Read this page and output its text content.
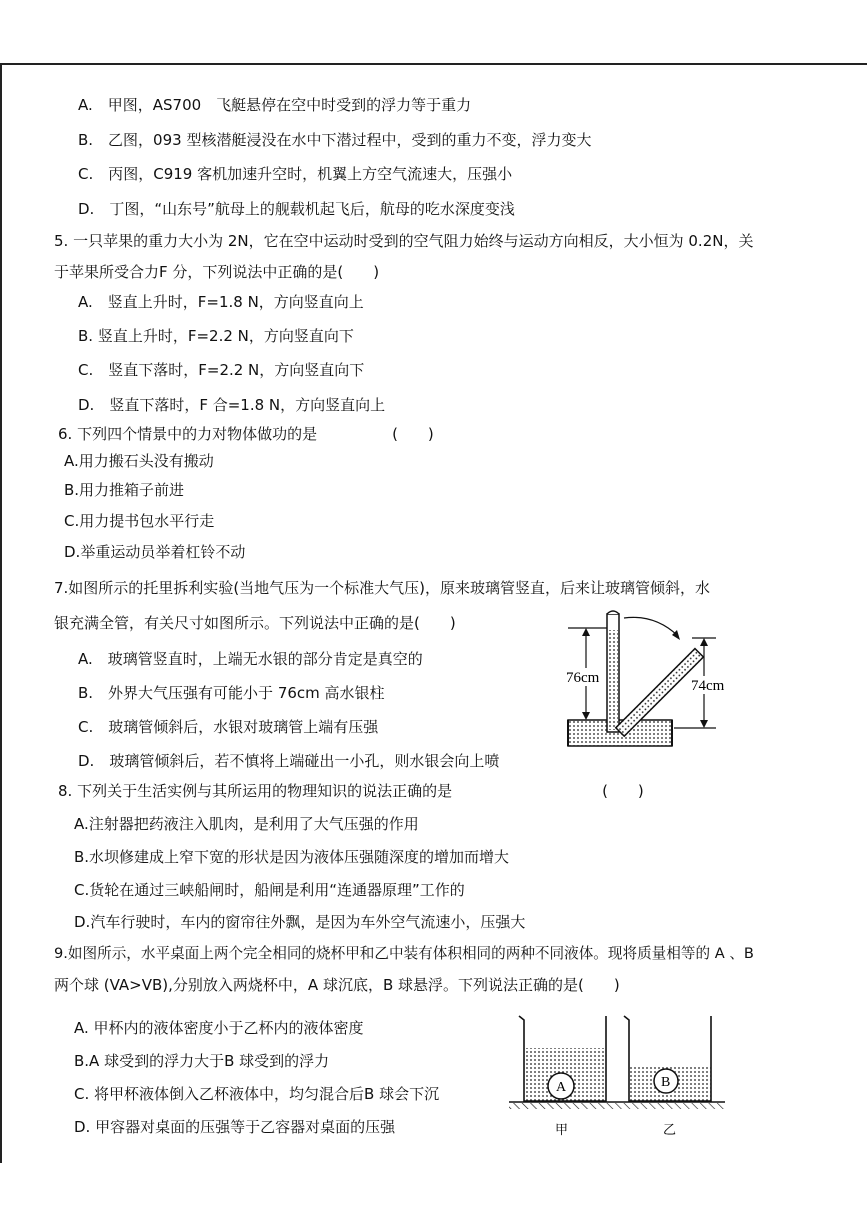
A.　甲图，AS700　飞艇悬停在空中时受到的浮力等于重力
B.　乙图，093 型核潜艇浸没在水中下潜过程中，受到的重力不变，浮力变大
C.　丙图，C919 客机加速升空时，机翼上方空气流速大，压强小
D.　丁图，“山东号”航母上的舰载机起飞后，航母的吃水深度变浅
5. 一只苹果的重力大小为 2N，它在空中运动时受到的空气阻力始终与运动方向相反，大小恒为 0.2N，关
于苹果所受合力F 分，下列说法中正确的是(　　)
A.　竖直上升时，F=1.8 N，方向竖直向上
B. 竖直上升时，F=2.2 N，方向竖直向下
C.　竖直下落时，F=2.2 N，方向竖直向下
D.　竖直下落时，F 合=1.8 N，方向竖直向上
6. 下列四个情景中的力对物体做功的是　　　　　(　　)
A.用力搬石头没有搬动
B.用力推箱子前进
C.用力提书包水平行走
D.举重运动员举着杠铃不动
7.如图所示的托里拆利实验(当地气压为一个标准大气压)，原来玻璃管竖直，后来让玻璃管倾斜，水
银充满全管，有关尺寸如图所示。下列说法中正确的是(　　)
A.　玻璃管竖直时，上端无水银的部分肯定是真空的
B.　外界大气压强有可能小于 76cm 高水银柱
C.　玻璃管倾斜后，水银对玻璃管上端有压强
D.　玻璃管倾斜后，若不慎将上端碰出一小孔，则水银会向上喷
8. 下列关于生活实例与其所运用的物理知识的说法正确的是　　　　　　　　　　(　　)
A.注射器把药液注入肌肉，是利用了大气压强的作用
B.水坝修建成上窄下宽的形状是因为液体压强随深度的增加而增大
C.货轮在通过三峡船闸时，船闸是利用“连通器原理”工作的
D.汽车行驶时，车内的窗帘往外飘，是因为车外空气流速小，压强大
9.如图所示，水平桌面上两个完全相同的烧杯甲和乙中装有体积相同的两种不同液体。现将质量相等的 A 、B
两个球 (VA>VB),分别放入两烧杯中，A 球沉底，B 球悬浮。下列说法正确的是(　　)
A. 甲杯内的液体密度小于乙杯内的液体密度
B.A 球受到的浮力大于B 球受到的浮力
C. 将甲杯液体倒入乙杯液体中，均匀混合后B 球会下沉
D. 甲容器对桌面的压强等于乙容器对桌面的压强
76cm	74cm
A	B
甲	乙
